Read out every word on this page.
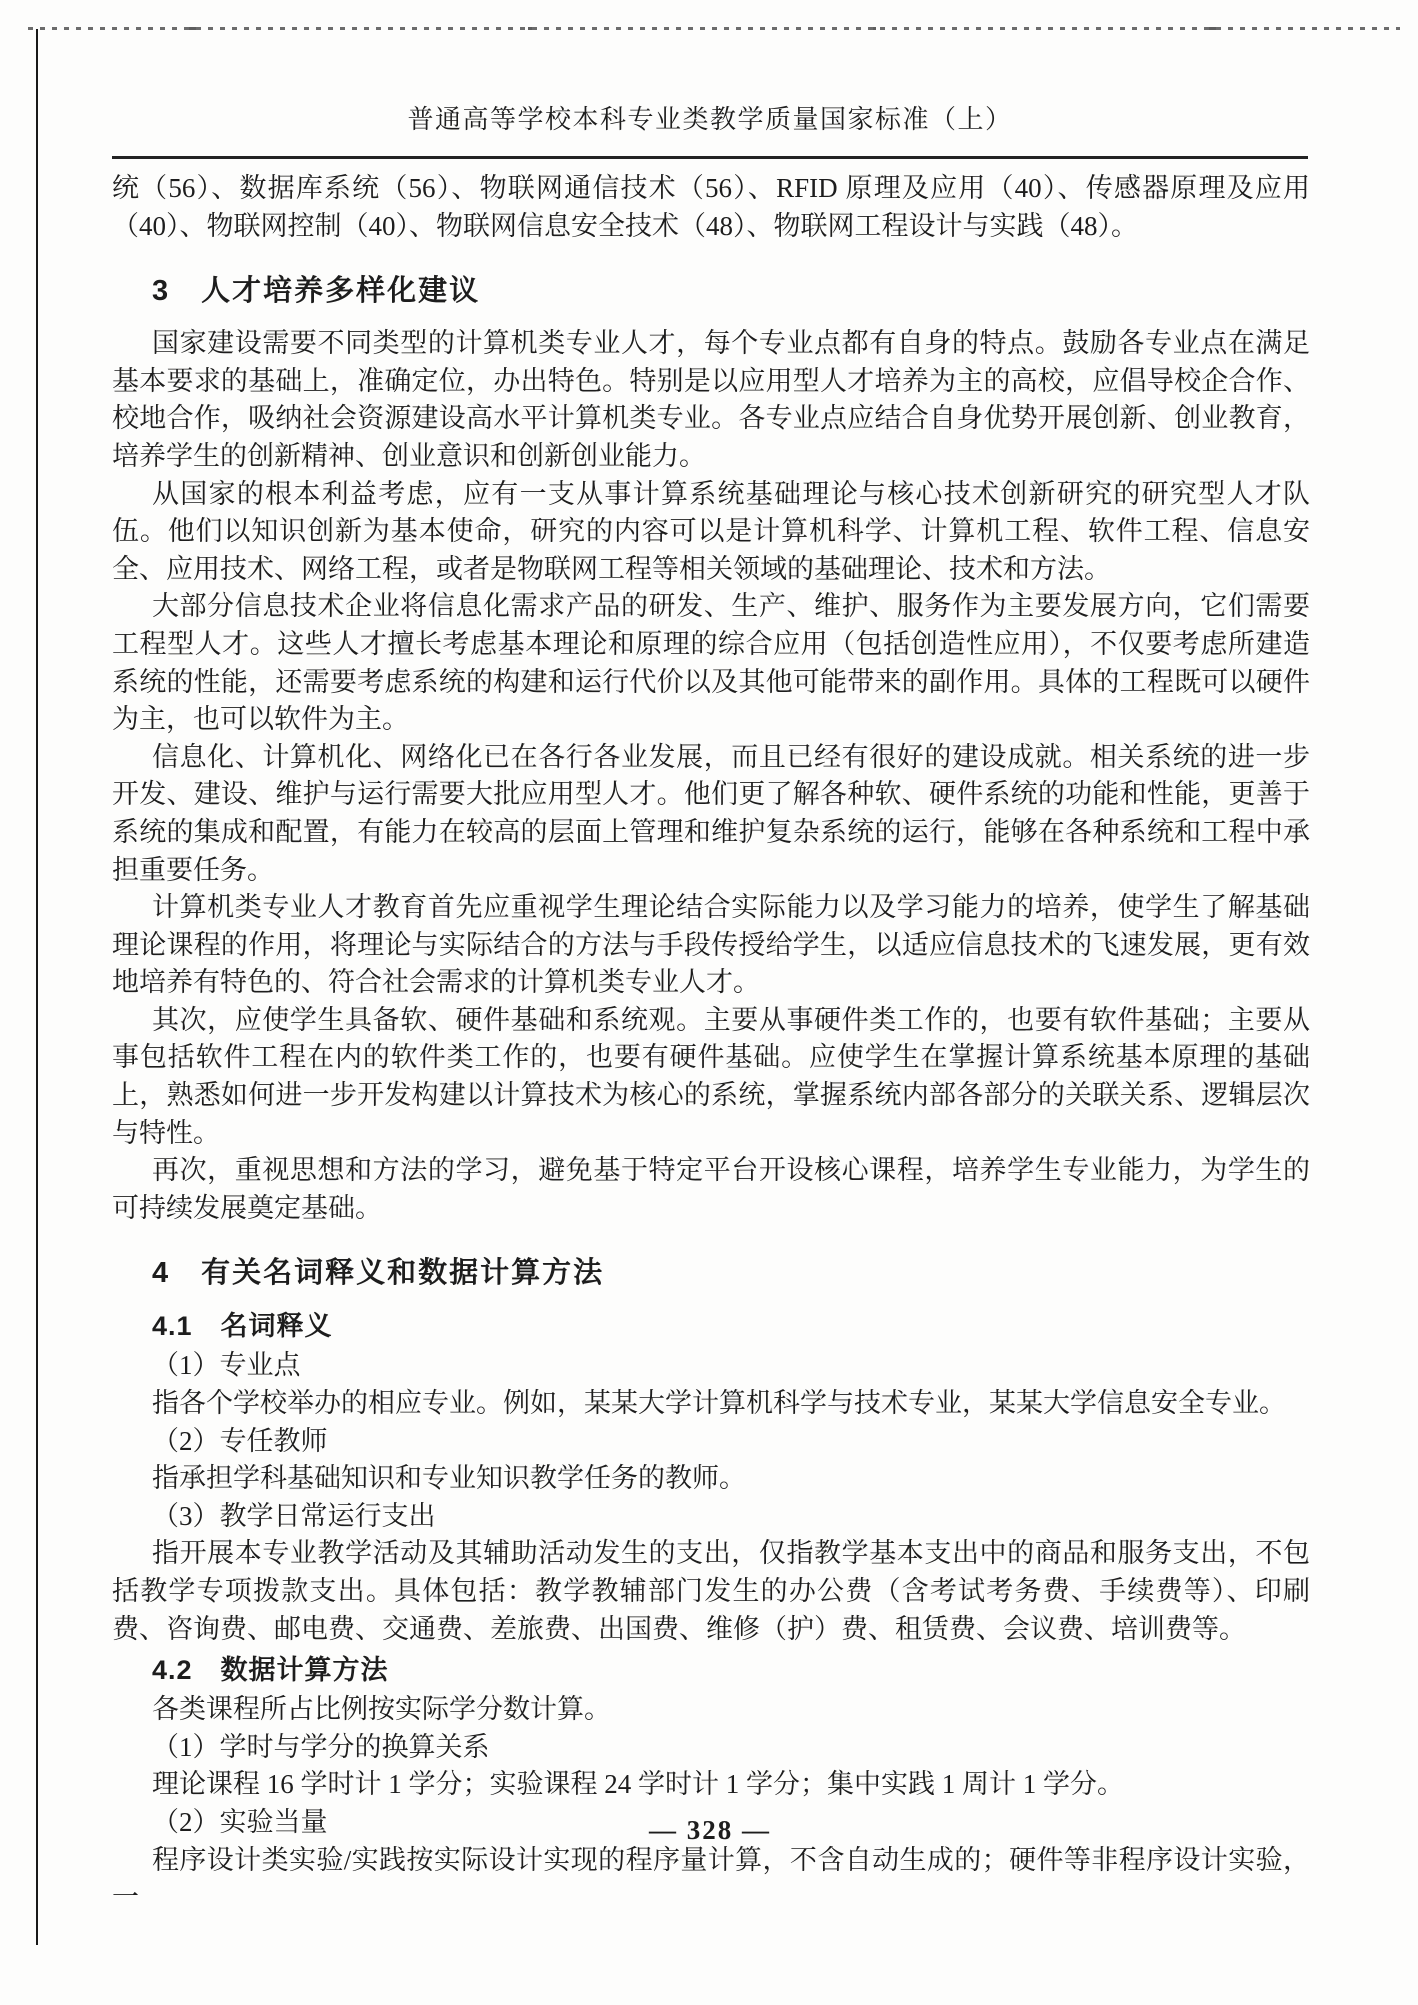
普通高等学校本科专业类教学质量国家标准（上）

统（56）、数据库系统（56）、物联网通信技术（56）、RFID 原理及应用（40）、传感器原理及应用（40）、物联网控制（40）、物联网信息安全技术（48）、物联网工程设计与实践（48）。

3　人才培养多样化建议

国家建设需要不同类型的计算机类专业人才，每个专业点都有自身的特点。鼓励各专业点在满足基本要求的基础上，准确定位，办出特色。特别是以应用型人才培养为主的高校，应倡导校企合作、校地合作，吸纳社会资源建设高水平计算机类专业。各专业点应结合自身优势开展创新、创业教育，培养学生的创新精神、创业意识和创新创业能力。

从国家的根本利益考虑，应有一支从事计算系统基础理论与核心技术创新研究的研究型人才队伍。他们以知识创新为基本使命，研究的内容可以是计算机科学、计算机工程、软件工程、信息安全、应用技术、网络工程，或者是物联网工程等相关领域的基础理论、技术和方法。

大部分信息技术企业将信息化需求产品的研发、生产、维护、服务作为主要发展方向，它们需要工程型人才。这些人才擅长考虑基本理论和原理的综合应用（包括创造性应用），不仅要考虑所建造系统的性能，还需要考虑系统的构建和运行代价以及其他可能带来的副作用。具体的工程既可以硬件为主，也可以软件为主。

信息化、计算机化、网络化已在各行各业发展，而且已经有很好的建设成就。相关系统的进一步开发、建设、维护与运行需要大批应用型人才。他们更了解各种软、硬件系统的功能和性能，更善于系统的集成和配置，有能力在较高的层面上管理和维护复杂系统的运行，能够在各种系统和工程中承担重要任务。

计算机类专业人才教育首先应重视学生理论结合实际能力以及学习能力的培养，使学生了解基础理论课程的作用，将理论与实际结合的方法与手段传授给学生，以适应信息技术的飞速发展，更有效地培养有特色的、符合社会需求的计算机类专业人才。

其次，应使学生具备软、硬件基础和系统观。主要从事硬件类工作的，也要有软件基础；主要从事包括软件工程在内的软件类工作的，也要有硬件基础。应使学生在掌握计算系统基本原理的基础上，熟悉如何进一步开发构建以计算技术为核心的系统，掌握系统内部各部分的关联关系、逻辑层次与特性。

再次，重视思想和方法的学习，避免基于特定平台开设核心课程，培养学生专业能力，为学生的可持续发展奠定基础。

4　有关名词释义和数据计算方法
4.1　名词释义

（1）专业点

指各个学校举办的相应专业。例如，某某大学计算机科学与技术专业，某某大学信息安全专业。

（2）专任教师

指承担学科基础知识和专业知识教学任务的教师。

（3）教学日常运行支出

指开展本专业教学活动及其辅助活动发生的支出，仅指教学基本支出中的商品和服务支出，不包括教学专项拨款支出。具体包括：教学教辅部门发生的办公费（含考试考务费、手续费等）、印刷费、咨询费、邮电费、交通费、差旅费、出国费、维修（护）费、租赁费、会议费、培训费等。

4.2　数据计算方法

各类课程所占比例按实际学分数计算。

（1）学时与学分的换算关系

理论课程 16 学时计 1 学分；实验课程 24 学时计 1 学分；集中实践 1 周计 1 学分。

（2）实验当量

程序设计类实验/实践按实际设计实现的程序量计算，不含自动生成的；硬件等非程序设计实验，一

— 328 —
